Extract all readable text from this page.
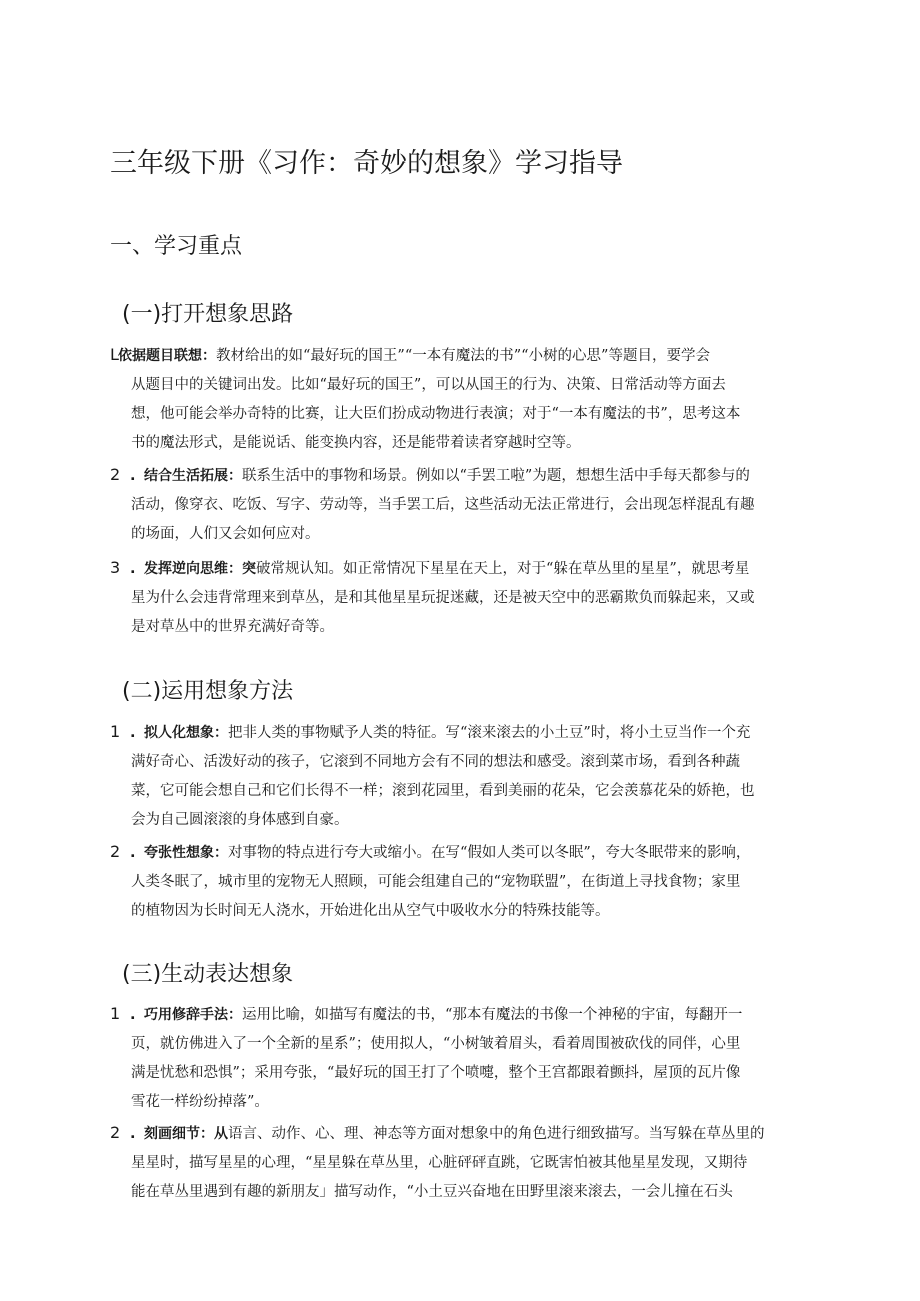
三年级下册《习作：奇妙的想象》学习指导
一、学习重点
(一)打开想象思路
L依据题目联想：教材给出的如“最好玩的国王”“一本有魔法的书”“小树的心思”等题目，要学会
从题目中的关键词出发。比如“最好玩的国王”，可以从国王的行为、决策、日常活动等方面去
想，他可能会举办奇特的比赛，让大臣们扮成动物进行表演；对于“一本有魔法的书”，思考这本
书的魔法形式，是能说话、能变换内容，还是能带着读者穿越时空等。
2 . 结合生活拓展：联系生活中的事物和场景。例如以“手罢工啦”为题，想想生活中手每天都参与的
活动，像穿衣、吃饭、写字、劳动等，当手罢工后，这些活动无法正常进行，会出现怎样混乱有趣
的场面，人们又会如何应对。
3 . 发挥逆向思维：突破常规认知。如正常情况下星星在天上，对于“躲在草丛里的星星”，就思考星
星为什么会违背常理来到草丛，是和其他星星玩捉迷藏，还是被天空中的恶霸欺负而躲起来，又或
是对草丛中的世界充满好奇等。
(二)运用想象方法
1 . 拟人化想象：把非人类的事物赋予人类的特征。写“滚来滚去的小土豆”时，将小土豆当作一个充
满好奇心、活泼好动的孩子，它滚到不同地方会有不同的想法和感受。滚到菜市场，看到各种蔬
菜，它可能会想自己和它们长得不一样；滚到花园里，看到美丽的花朵，它会羡慕花朵的娇艳，也
会为自己圆滚滚的身体感到自豪。
2 . 夸张性想象：对事物的特点进行夸大或缩小。在写“假如人类可以冬眠”，夸大冬眠带来的影响，
人类冬眠了，城市里的宠物无人照顾，可能会组建自己的“宠物联盟”，在街道上寻找食物；家里
的植物因为长时间无人浇水，开始进化出从空气中吸收水分的特殊技能等。
(三)生动表达想象
1 . 巧用修辞手法：运用比喻，如描写有魔法的书，“那本有魔法的书像一个神秘的宇宙，每翻开一
页，就仿佛进入了一个全新的星系”；使用拟人，“小树皱着眉头，看着周围被砍伐的同伴，心里
满是忧愁和恐惧”；采用夸张，“最好玩的国王打了个喷嚏，整个王宫都跟着颤抖，屋顶的瓦片像
雪花一样纷纷掉落”。
2 . 刻画细节：从语言、动作、心、理、神态等方面对想象中的角色进行细致描写。当写躲在草丛里的
星星时，描写星星的心理，“星星躲在草丛里，心脏砰砰直跳，它既害怕被其他星星发现，又期待
能在草丛里遇到有趣的新朋友」描写动作，“小土豆兴奋地在田野里滚来滚去，一会儿撞在石头
